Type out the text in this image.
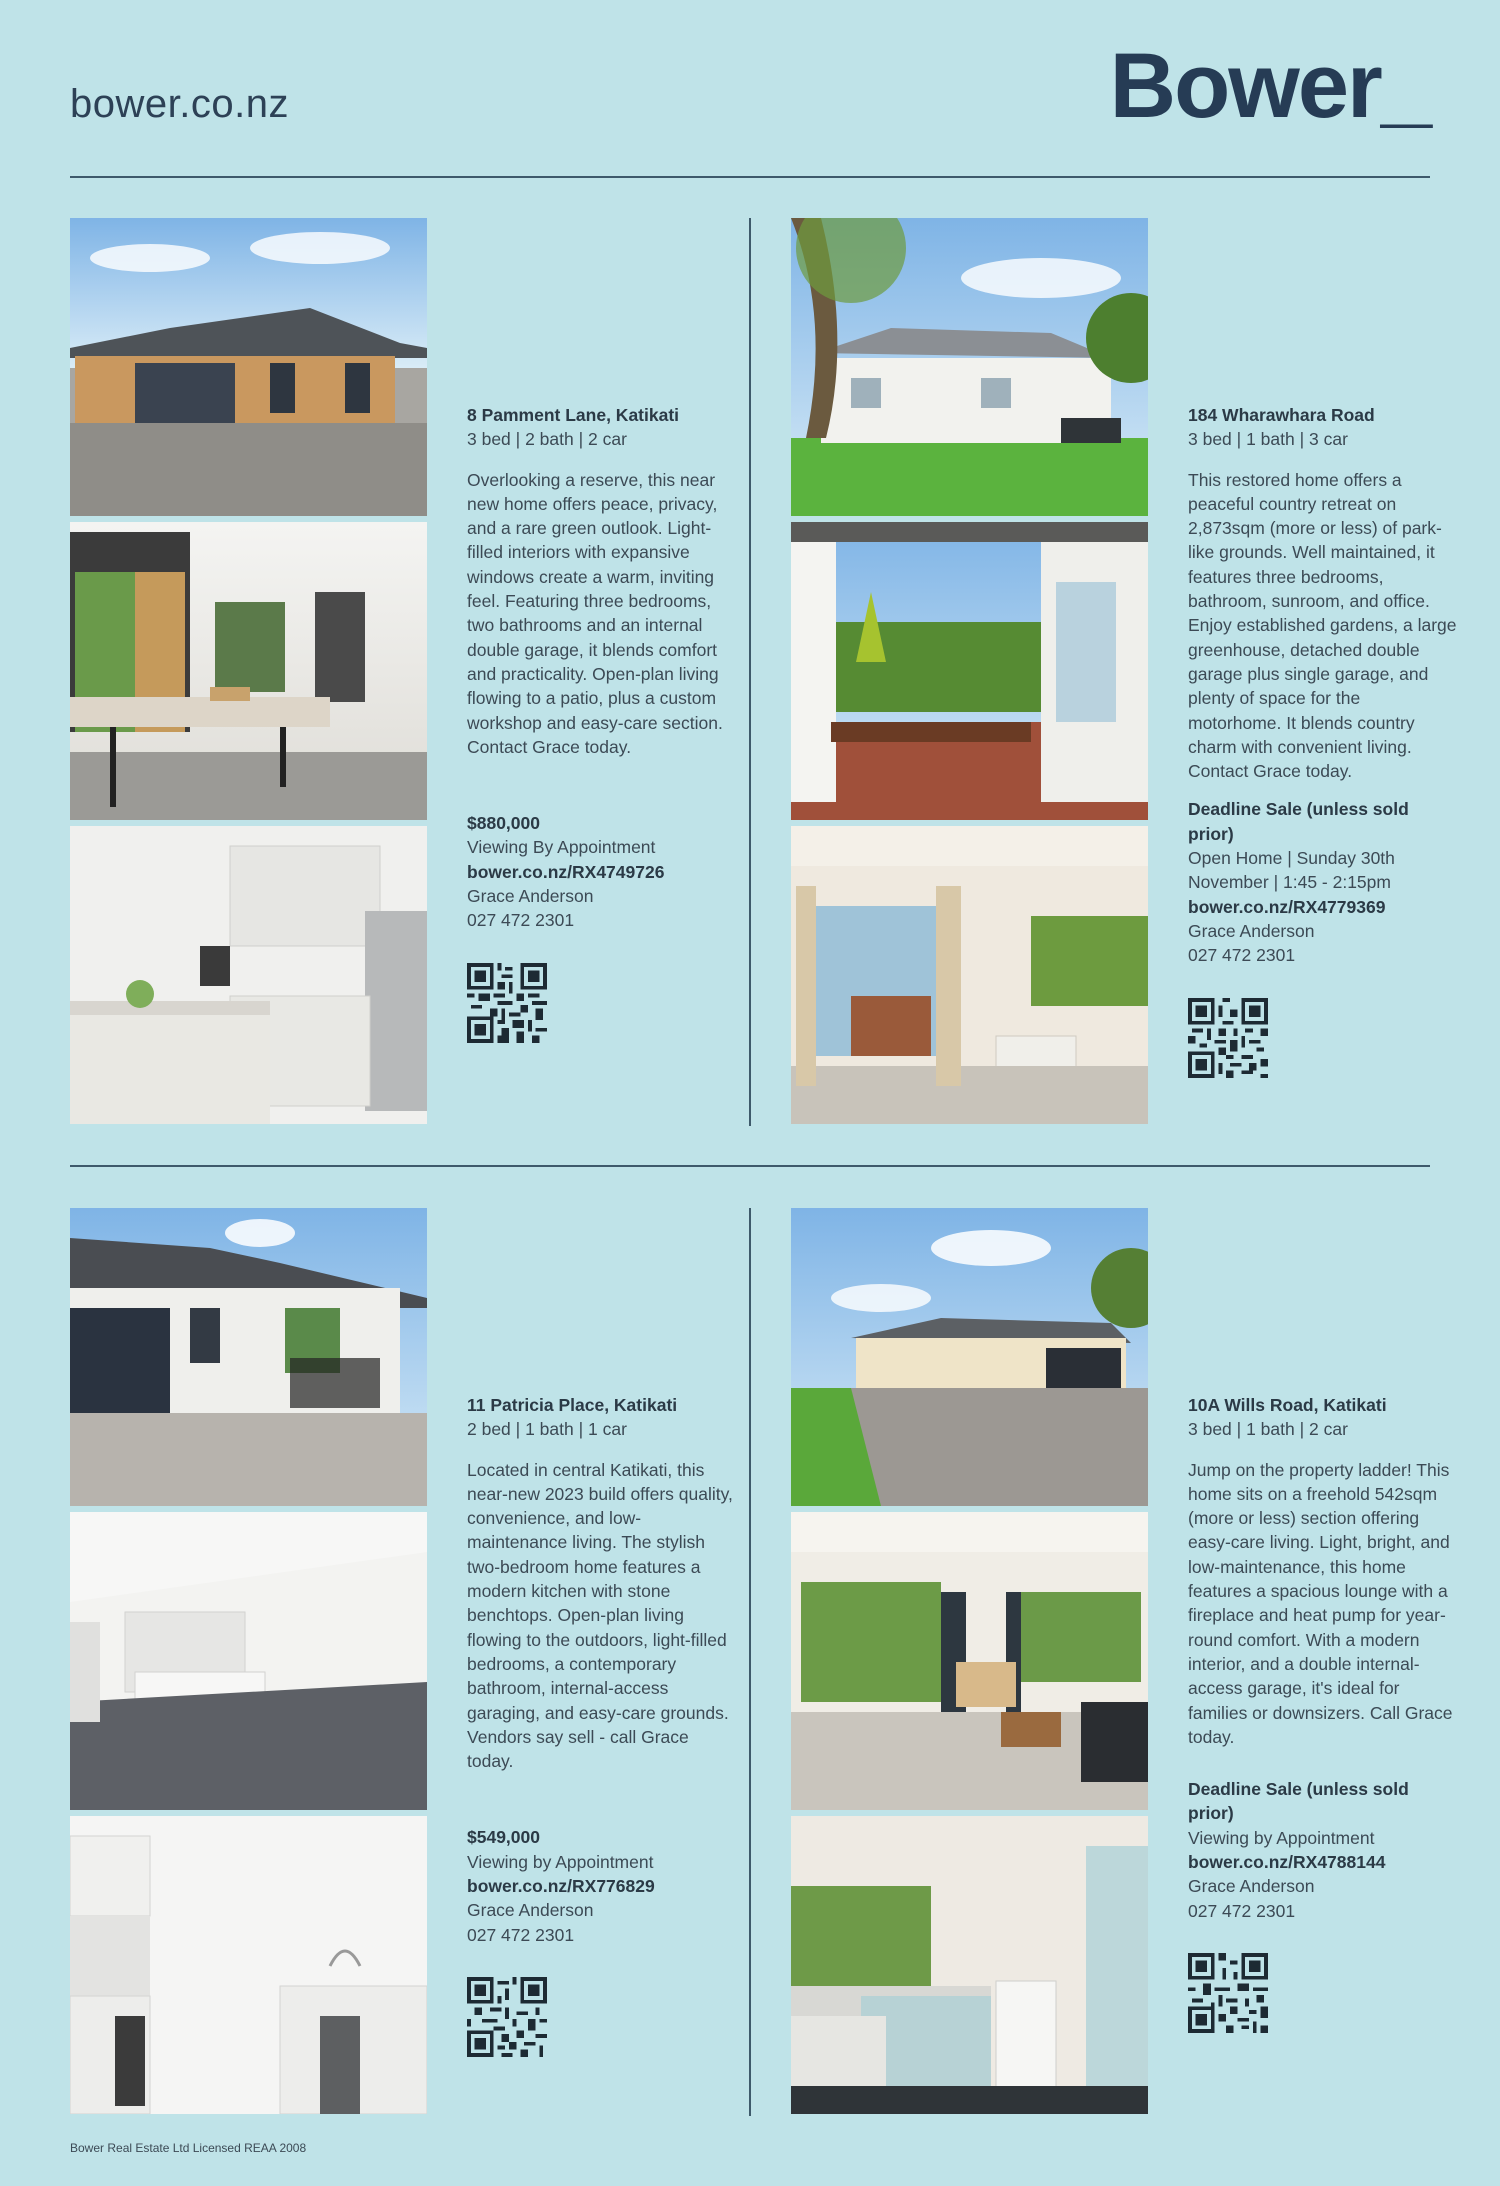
bower.co.nz	Bower_
8 Pamment Lane, Katikati
3 bed | 2 bath | 2 car
Overlooking a reserve, this near new home offers peace, privacy, and a rare green outlook. Light-filled interiors with expansive windows create a warm, inviting feel. Featuring three bedrooms, two bathrooms and an internal double garage, it blends comfort and practicality. Open-plan living flowing to a patio, plus a custom workshop and easy-care section. Contact Grace today.
$880,000
Viewing By Appointment
bower.co.nz/RX4749726
Grace Anderson
027 472 2301
184 Wharawhara Road
3 bed | 1 bath | 3 car
This restored home offers a peaceful country retreat on 2,873sqm (more or less) of park-like grounds. Well maintained, it features three bedrooms, bathroom, sunroom, and office. Enjoy established gardens, a large greenhouse, detached double garage plus single garage, and plenty of space for the motorhome. It blends country charm with convenient living. Contact Grace today.
Deadline Sale (unless sold prior)
Open Home | Sunday 30th November | 1:45 - 2:15pm
bower.co.nz/RX4779369
Grace Anderson
027 472 2301
11 Patricia Place, Katikati
2 bed | 1 bath | 1 car
Located in central Katikati, this near-new 2023 build offers quality, convenience, and low-maintenance living. The stylish two-bedroom home features a modern kitchen with stone benchtops. Open-plan living flowing to the outdoors, light-filled bedrooms, a contemporary bathroom, internal-access garaging, and easy-care grounds. Vendors say sell - call Grace today.
$549,000
Viewing by Appointment
bower.co.nz/RX776829
Grace Anderson
027 472 2301
10A Wills Road, Katikati
3 bed | 1 bath | 2 car
Jump on the property ladder! This home sits on a freehold 542sqm (more or less) section offering easy-care living. Light, bright, and low-maintenance, this home features a spacious lounge with a fireplace and heat pump for year-round comfort. With a modern interior, and a double internal-access garage, it's ideal for families or downsizers. Call Grace today.
Deadline Sale (unless sold prior)
Viewing by Appointment
bower.co.nz/RX4788144
Grace Anderson
027 472 2301
Bower Real Estate Ltd Licensed REAA 2008
